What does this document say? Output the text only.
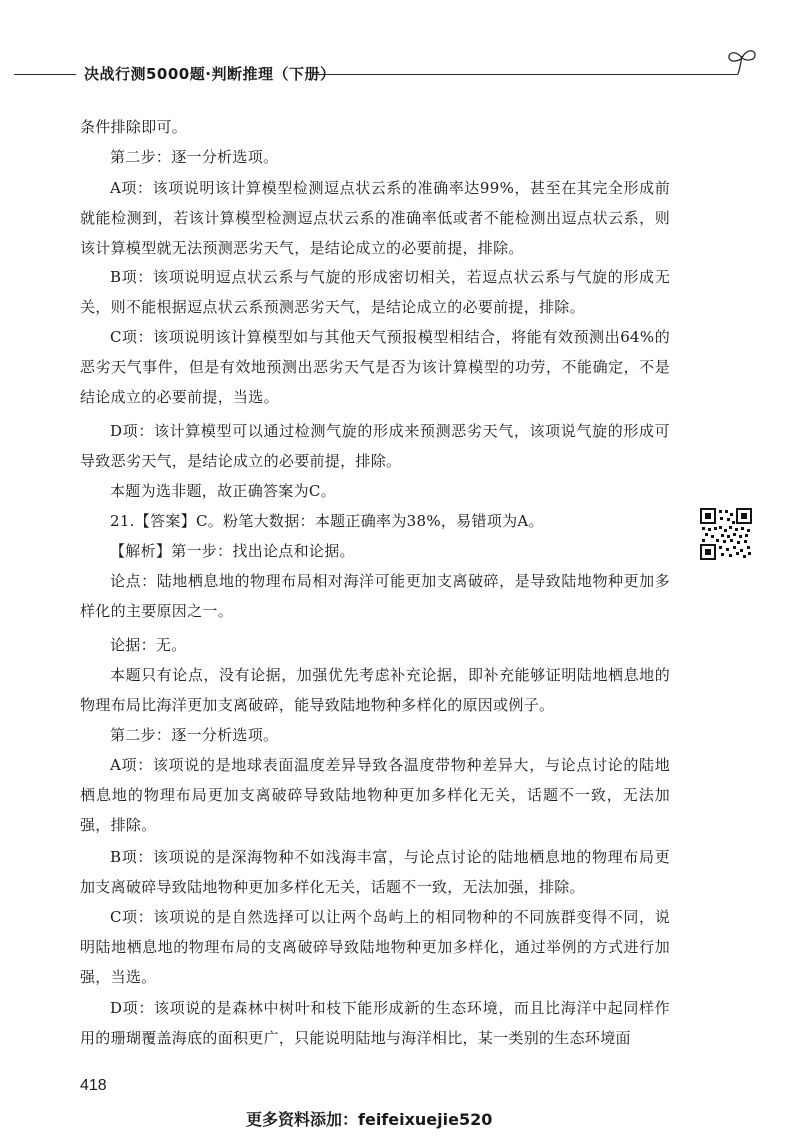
决战行测5000题·判断推理（下册）

条件排除即可。

第二步：逐一分析选项。

A项：该项说明该计算模型检测逗点状云系的准确率达99%，甚至在其完全形成前就能检测到，若该计算模型检测逗点状云系的准确率低或者不能检测出逗点状云系，则该计算模型就无法预测恶劣天气，是结论成立的必要前提，排除。

B项：该项说明逗点状云系与气旋的形成密切相关，若逗点状云系与气旋的形成无关，则不能根据逗点状云系预测恶劣天气，是结论成立的必要前提，排除。

C项：该项说明该计算模型如与其他天气预报模型相结合，将能有效预测出64%的恶劣天气事件，但是有效地预测出恶劣天气是否为该计算模型的功劳，不能确定，不是结论成立的必要前提，当选。

D项：该计算模型可以通过检测气旋的形成来预测恶劣天气，该项说气旋的形成可导致恶劣天气，是结论成立的必要前提，排除。

本题为选非题，故正确答案为C。

21.【答案】C。粉笔大数据：本题正确率为38%，易错项为A。

【解析】第一步：找出论点和论据。

论点：陆地栖息地的物理布局相对海洋可能更加支离破碎，是导致陆地物种更加多样化的主要原因之一。

论据：无。

本题只有论点，没有论据，加强优先考虑补充论据，即补充能够证明陆地栖息地的物理布局比海洋更加支离破碎，能导致陆地物种多样化的原因或例子。

第二步：逐一分析选项。

A项：该项说的是地球表面温度差异导致各温度带物种差异大，与论点讨论的陆地栖息地的物理布局更加支离破碎导致陆地物种更加多样化无关，话题不一致，无法加强，排除。

B项：该项说的是深海物种不如浅海丰富，与论点讨论的陆地栖息地的物理布局更加支离破碎导致陆地物种更加多样化无关，话题不一致，无法加强，排除。

C项：该项说的是自然选择可以让两个岛屿上的相同物种的不同族群变得不同，说明陆地栖息地的物理布局的支离破碎导致陆地物种更加多样化，通过举例的方式进行加强，当选。

D项：该项说的是森林中树叶和枝下能形成新的生态环境，而且比海洋中起同样作用的珊瑚覆盖海底的面积更广，只能说明陆地与海洋相比，某一类别的生态环境面

418
更多资料添加：feifeixuejie520
